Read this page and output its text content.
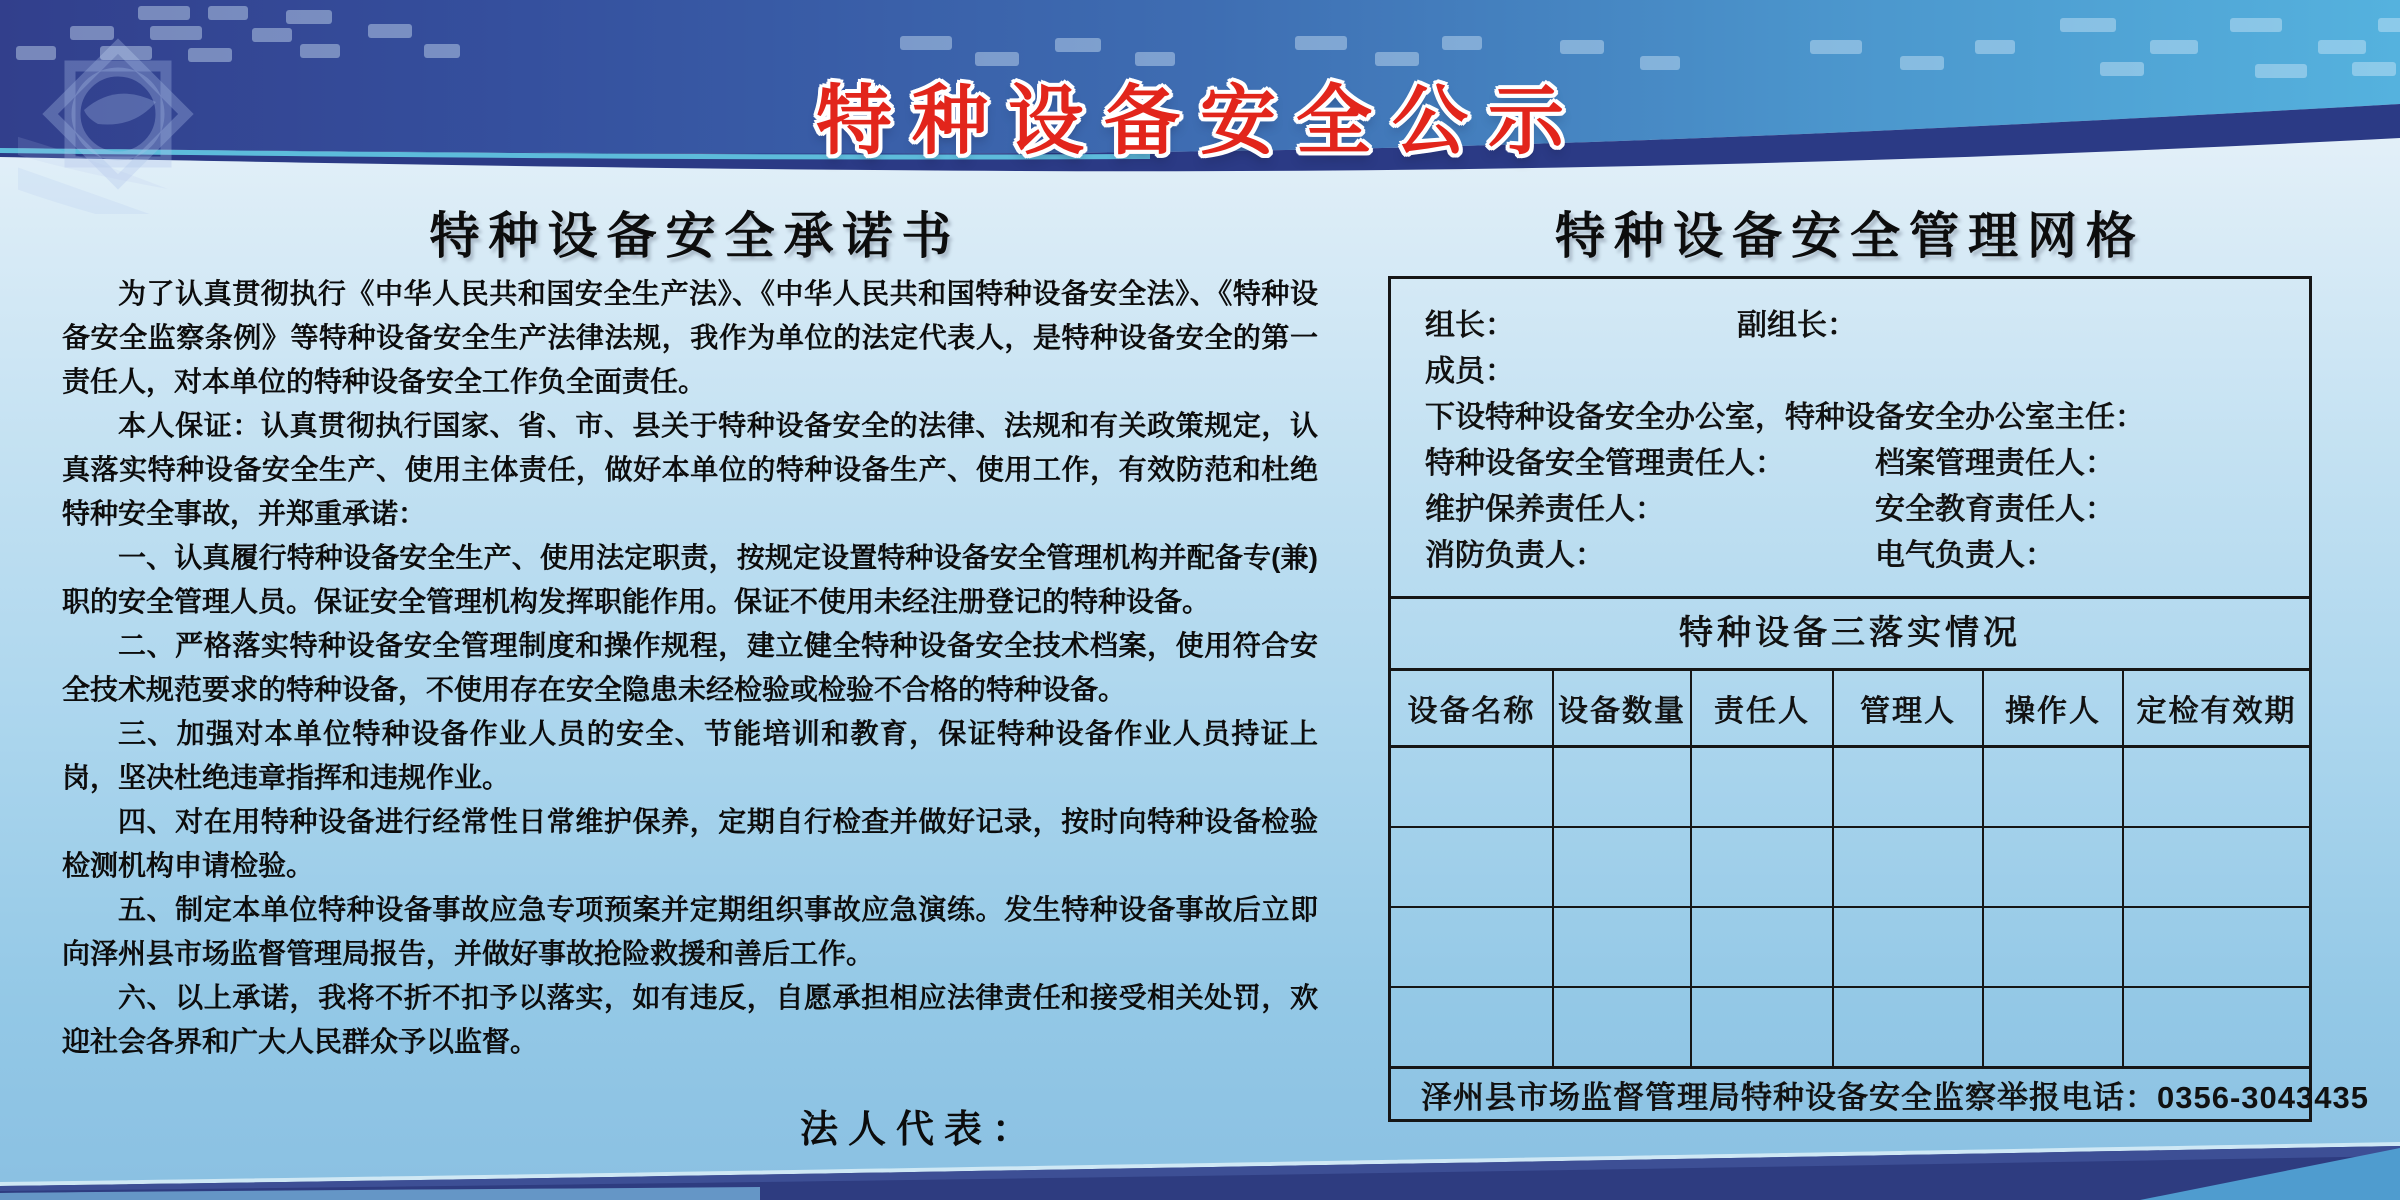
特种设备安全公示
特种设备安全承诺书

为了认真贯彻执行《中华人民共和国安全生产法》、《中华人民共和国特种设备安全法》、《特种设备安全监察条例》等特种设备安全生产法律法规，我作为单位的法定代表人，是特种设备安全的第一责任人，对本单位的特种设备安全工作负全面责任。

本人保证：认真贯彻执行国家、省、市、县关于特种设备安全的法律、法规和有关政策规定，认真落实特种设备安全生产、使用主体责任，做好本单位的特种设备生产、使用工作，有效防范和杜绝特种安全事故，并郑重承诺：

一、认真履行特种设备安全生产、使用法定职责，按规定设置特种设备安全管理机构并配备专(兼)职的安全管理人员。保证安全管理机构发挥职能作用。保证不使用未经注册登记的特种设备。

二、严格落实特种设备安全管理制度和操作规程，建立健全特种设备安全技术档案，使用符合安全技术规范要求的特种设备，不使用存在安全隐患未经检验或检验不合格的特种设备。

三、加强对本单位特种设备作业人员的安全、节能培训和教育，保证特种设备作业人员持证上岗，坚决杜绝违章指挥和违规作业。

四、对在用特种设备进行经常性日常维护保养，定期自行检查并做好记录，按时向特种设备检验检测机构申请检验。

五、制定本单位特种设备事故应急专项预案并定期组织事故应急演练。发生特种设备事故后立即向泽州县市场监督管理局报告，并做好事故抢险救援和善后工作。

六、以上承诺，我将不折不扣予以落实，如有违反，自愿承担相应法律责任和接受相关处罚，欢迎社会各界和广大人民群众予以监督。

法人代表：
特种设备安全管理网格
组长：	副组长：
成员：
下设特种设备安全办公室，特种设备安全办公室主任：
特种设备安全管理责任人：	档案管理责任人：
维护保养责任人：	安全教育责任人：
消防负责人：	电气负责人：
特种设备三落实情况
设备名称	设备数量	责任人	管理人	操作人	定检有效期

泽州县市场监督管理局特种设备安全监察举报电话：0356-3043435
